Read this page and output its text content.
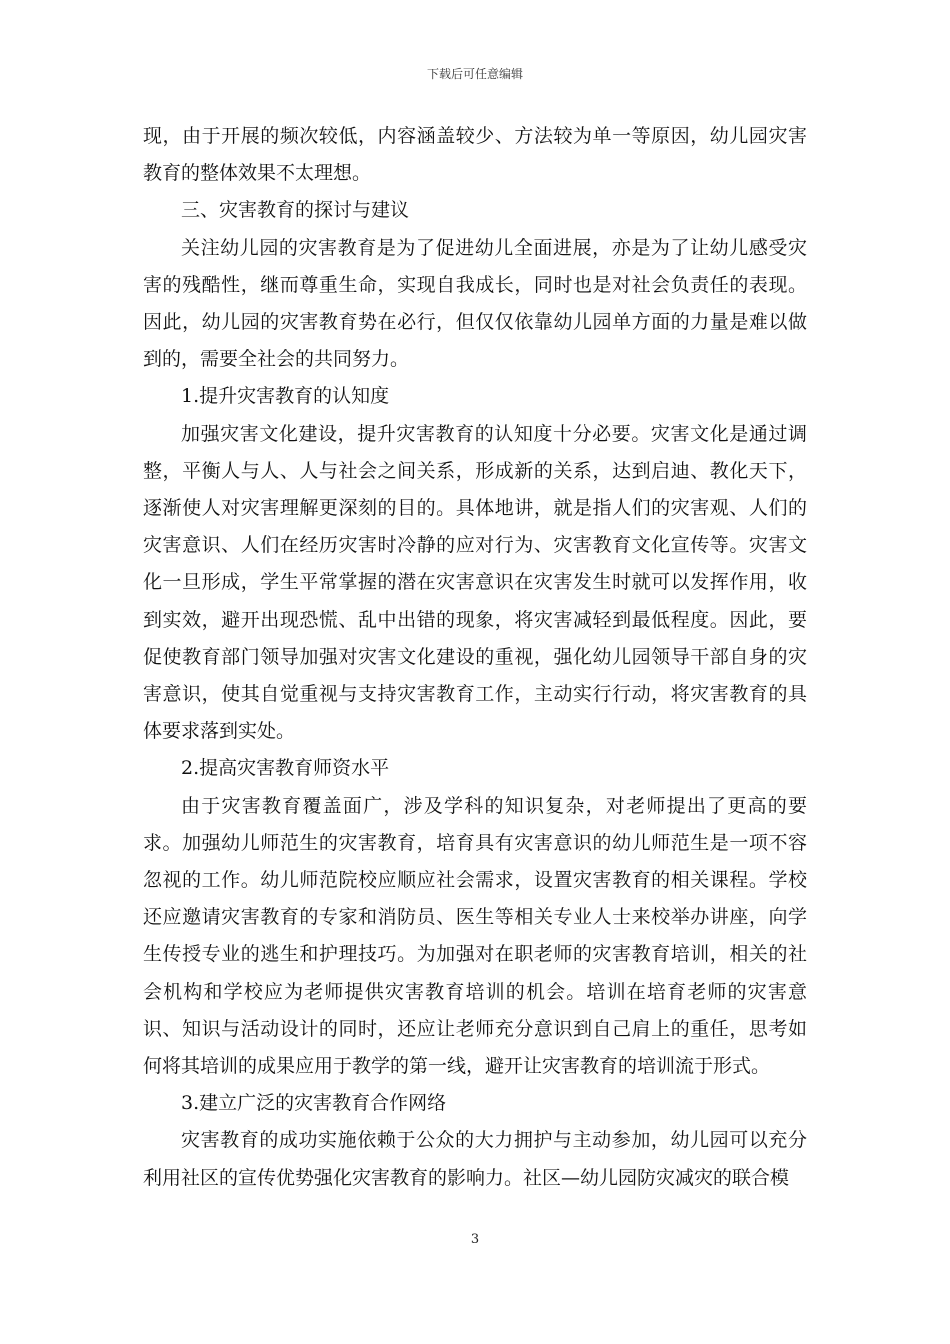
下载后可任意编辑

现，由于开展的频次较低，内容涵盖较少、方法较为单一等原因，幼儿园灾害教育的整体效果不太理想。

三、灾害教育的探讨与建议

关注幼儿园的灾害教育是为了促进幼儿全面进展，亦是为了让幼儿感受灾害的残酷性，继而尊重生命，实现自我成长，同时也是对社会负责任的表现。因此，幼儿园的灾害教育势在必行，但仅仅依靠幼儿园单方面的力量是难以做到的，需要全社会的共同努力。

1.提升灾害教育的认知度

加强灾害文化建设，提升灾害教育的认知度十分必要。灾害文化是通过调整，平衡人与人、人与社会之间关系，形成新的关系，达到启迪、教化天下，逐渐使人对灾害理解更深刻的目的。具体地讲，就是指人们的灾害观、人们的灾害意识、人们在经历灾害时冷静的应对行为、灾害教育文化宣传等。灾害文化一旦形成，学生平常掌握的潜在灾害意识在灾害发生时就可以发挥作用，收到实效，避开出现恐慌、乱中出错的现象，将灾害减轻到最低程度。因此，要促使教育部门领导加强对灾害文化建设的重视，强化幼儿园领导干部自身的灾害意识，使其自觉重视与支持灾害教育工作，主动实行行动，将灾害教育的具体要求落到实处。

2.提高灾害教育师资水平

由于灾害教育覆盖面广，涉及学科的知识复杂，对老师提出了更高的要求。加强幼儿师范生的灾害教育，培育具有灾害意识的幼儿师范生是一项不容忽视的工作。幼儿师范院校应顺应社会需求，设置灾害教育的相关课程。学校还应邀请灾害教育的专家和消防员、医生等相关专业人士来校举办讲座，向学生传授专业的逃生和护理技巧。为加强对在职老师的灾害教育培训，相关的社会机构和学校应为老师提供灾害教育培训的机会。培训在培育老师的灾害意识、知识与活动设计的同时，还应让老师充分意识到自己肩上的重任，思考如何将其培训的成果应用于教学的第一线，避开让灾害教育的培训流于形式。

3.建立广泛的灾害教育合作网络

灾害教育的成功实施依赖于公众的大力拥护与主动参加，幼儿园可以充分利用社区的宣传优势强化灾害教育的影响力。社区—幼儿园防灾减灾的联合模

3
